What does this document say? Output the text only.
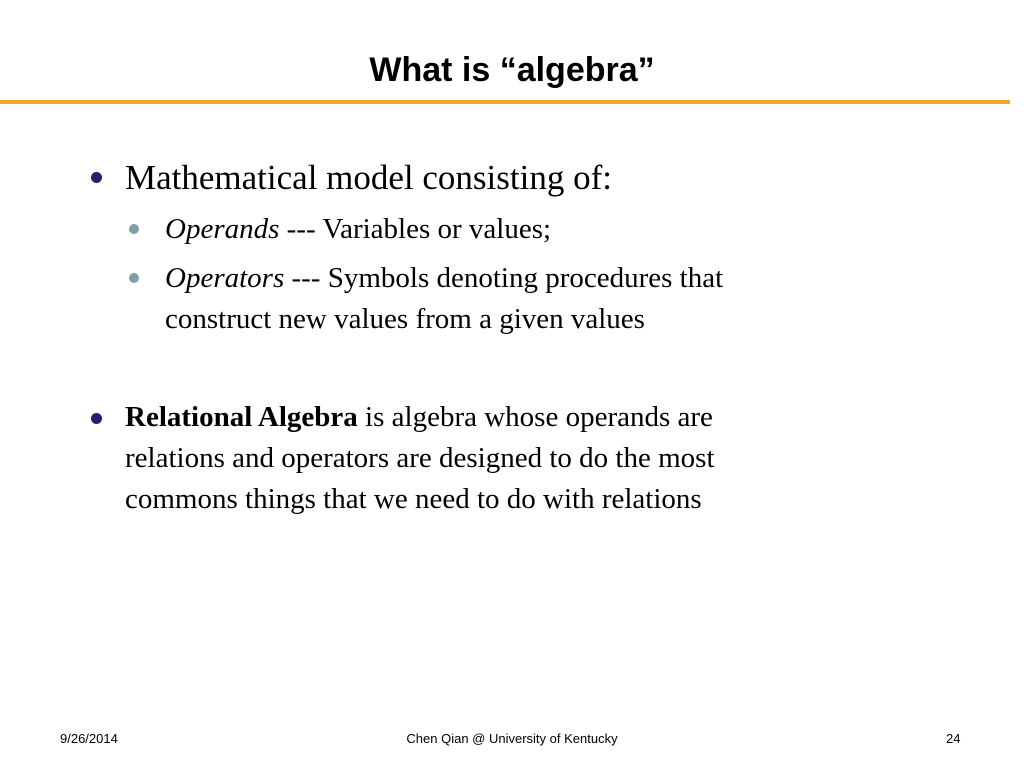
What is “algebra”
Mathematical model consisting of:
Operands --- Variables or values;
Operators --- Symbols denoting procedures that
construct new values from a given values
Relational Algebra is algebra whose operands are
relations and operators are designed to do the most
commons things that we need to do with relations
9/26/2014	Chen Qian @ University of Kentucky	24
